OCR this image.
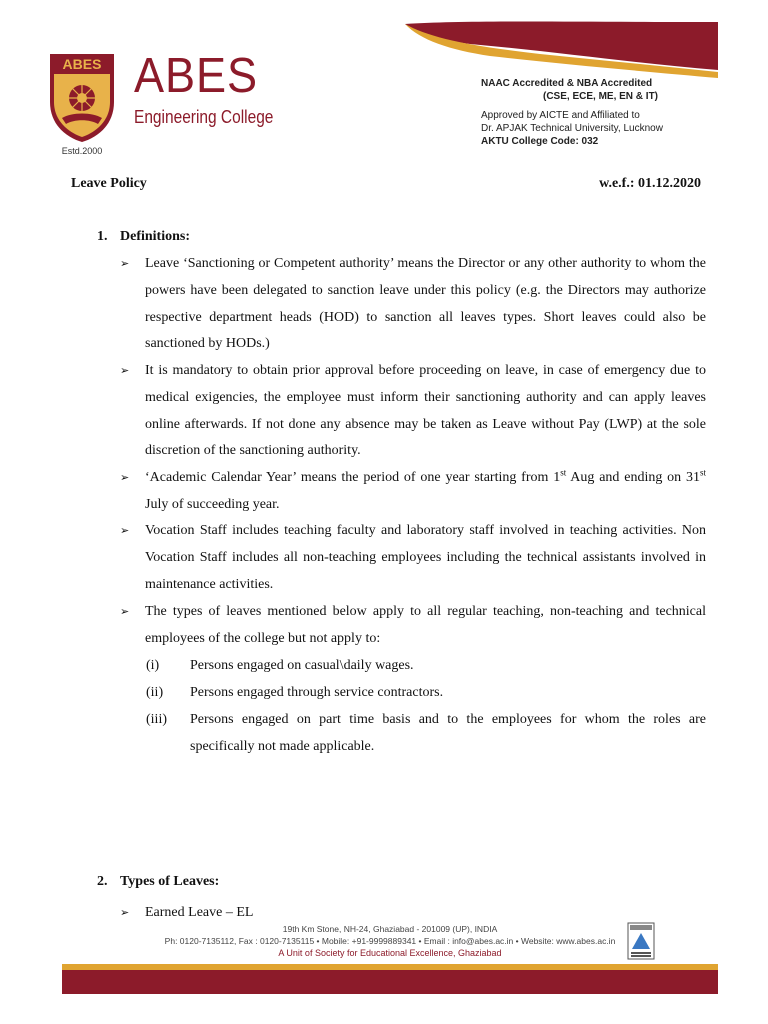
ABES
Estd.2000
ABES
Engineering College
NAAC Accredited & NBA Accredited
(CSE, ECE, ME, EN & IT)
Approved by AICTE and Affiliated to
Dr. APJAK Technical University, Lucknow
AKTU College Code: 032
Leave Policy	w.e.f.: 01.12.2020
1. Definitions:
➢ Leave ‘Sanctioning or Competent authority’ means the Director or any other authority to whom the powers have been delegated to sanction leave under this policy (e.g. the Directors may authorize respective department heads (HOD) to sanction all leaves types. Short leaves could also be sanctioned by HODs.)
➢ It is mandatory to obtain prior approval before proceeding on leave, in case of emergency due to medical exigencies, the employee must inform their sanctioning authority and can apply leaves online afterwards. If not done any absence may be taken as Leave without Pay (LWP) at the sole discretion of the sanctioning authority.
➢ ‘Academic Calendar Year’ means the period of one year starting from 1st Aug and ending on 31st July of succeeding year.
➢ Vocation Staff includes teaching faculty and laboratory staff involved in teaching activities. Non Vocation Staff includes all non-teaching employees including the technical assistants involved in maintenance activities.
➢ The types of leaves mentioned below apply to all regular teaching, non-teaching and technical employees of the college but not apply to:
(i) Persons engaged on casual\daily wages.
(ii) Persons engaged through service contractors.
(iii) Persons engaged on part time basis and to the employees for whom the roles are specifically not made applicable.
2. Types of Leaves:
➢ Earned Leave – EL
19th Km Stone, NH-24, Ghaziabad - 201009 (UP), INDIA
Ph: 0120-7135112, Fax : 0120-7135115 • Mobile: +91-9999889341 • Email : info@abes.ac.in • Website: www.abes.ac.in
A Unit of Society for Educational Excellence, Ghaziabad
